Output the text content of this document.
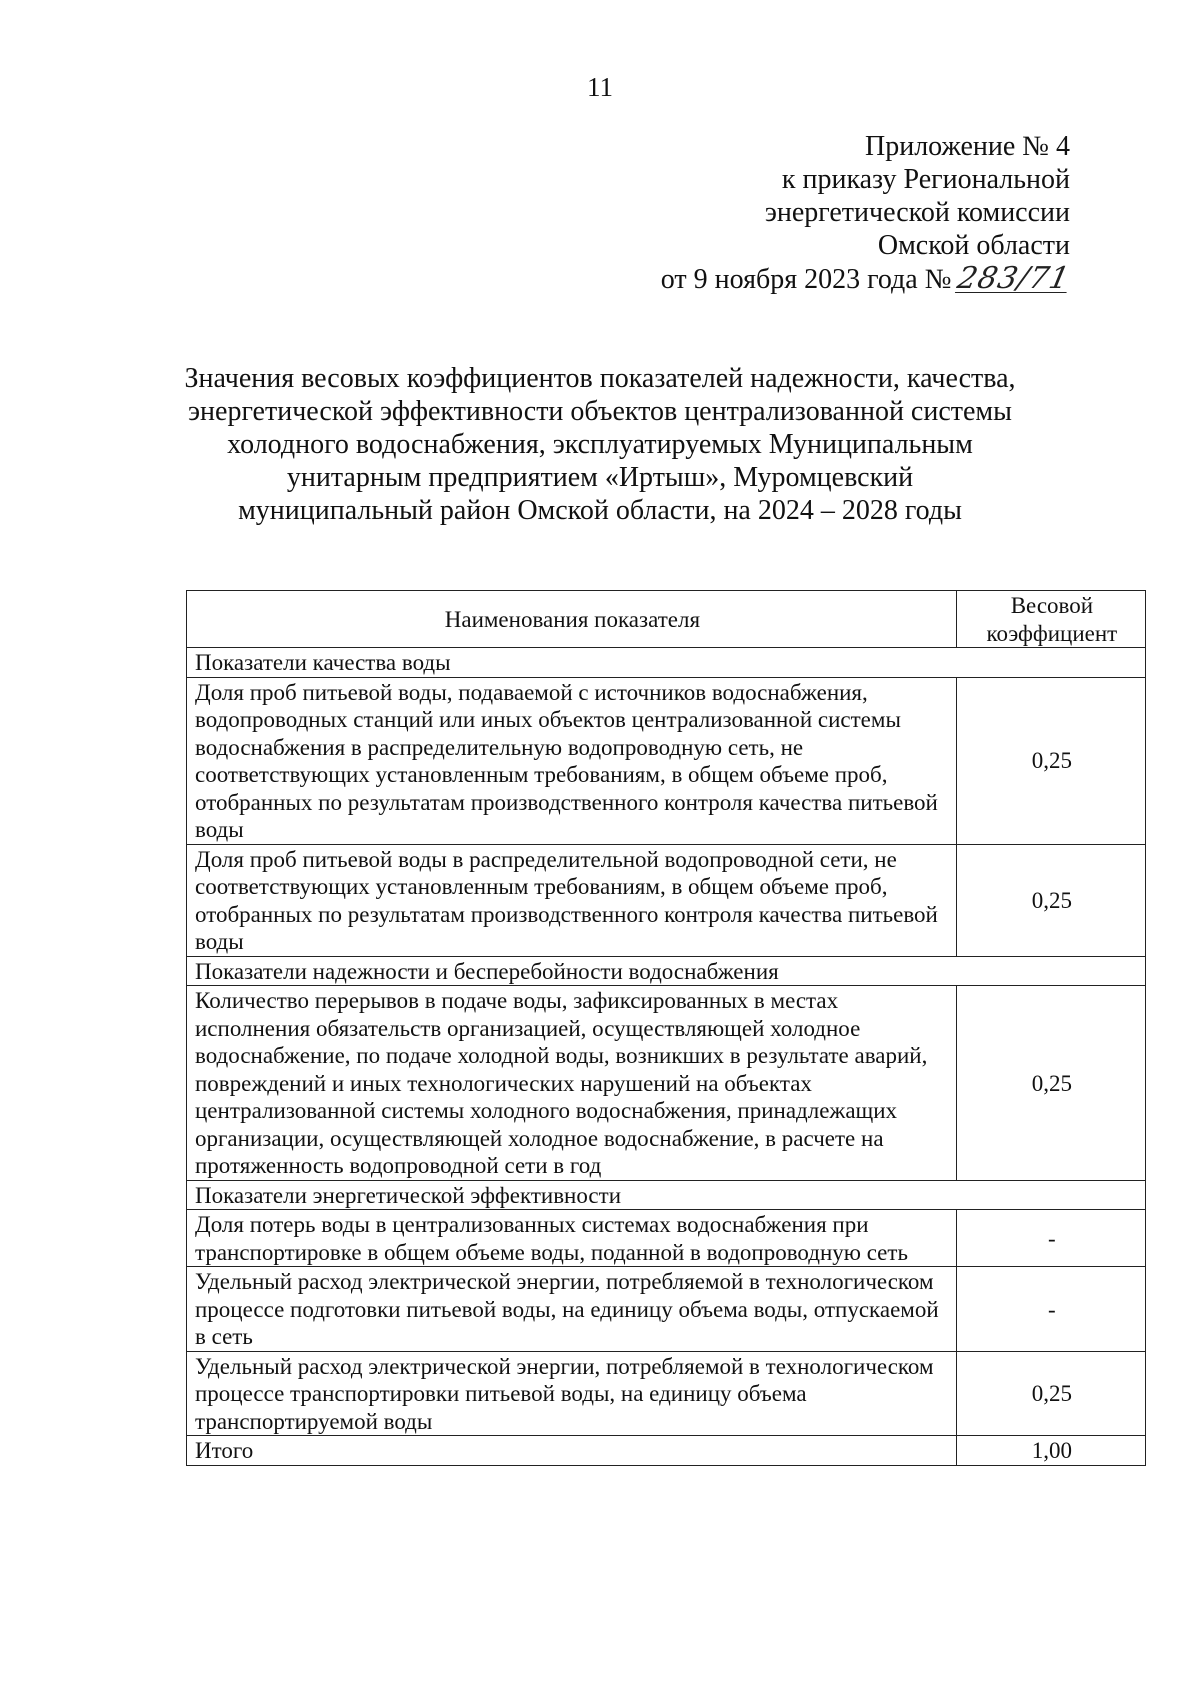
11
Приложение № 4
к приказу Региональной
энергетической комиссии
Омской области
от 9 ноября 2023 года № 283/71
Значения весовых коэффициентов показателей надежности, качества,
энергетической эффективности объектов централизованной системы
холодного водоснабжения, эксплуатируемых Муниципальным
унитарным предприятием «Иртыш», Муромцевский
муниципальный район Омской области, на 2024 – 2028 годы
Наименования показателя	Весовой коэффициент
Показатели качества воды	
Доля проб питьевой воды, подаваемой с источников водоснабжения, водопроводных станций или иных объектов централизованной системы водоснабжения в распределительную водопроводную сеть, не соответствующих установленным требованиям, в общем объеме проб, отобранных по результатам производственного контроля качества питьевой воды	0,25
Доля проб питьевой воды в распределительной водопроводной сети, не соответствующих установленным требованиям, в общем объеме проб, отобранных по результатам производственного контроля качества питьевой воды	0,25
Показатели надежности и бесперебойности водоснабжения	
Количество перерывов в подаче воды, зафиксированных в местах исполнения обязательств организацией, осуществляющей холодное водоснабжение, по подаче холодной воды, возникших в результате аварий, повреждений и иных технологических нарушений на объектах централизованной системы холодного водоснабжения, принадлежащих организации, осуществляющей холодное водоснабжение, в расчете на протяженность водопроводной сети в год	0,25
Показатели энергетической эффективности	
Доля потерь воды в централизованных системах водоснабжения при транспортировке в общем объеме воды, поданной в водопроводную сеть	-
Удельный расход электрической энергии, потребляемой в технологическом процессе подготовки питьевой воды, на единицу объема воды, отпускаемой в сеть	-
Удельный расход электрической энергии, потребляемой в технологическом процессе транспортировки питьевой воды, на единицу объема транспортируемой воды	0,25
Итого	1,00
